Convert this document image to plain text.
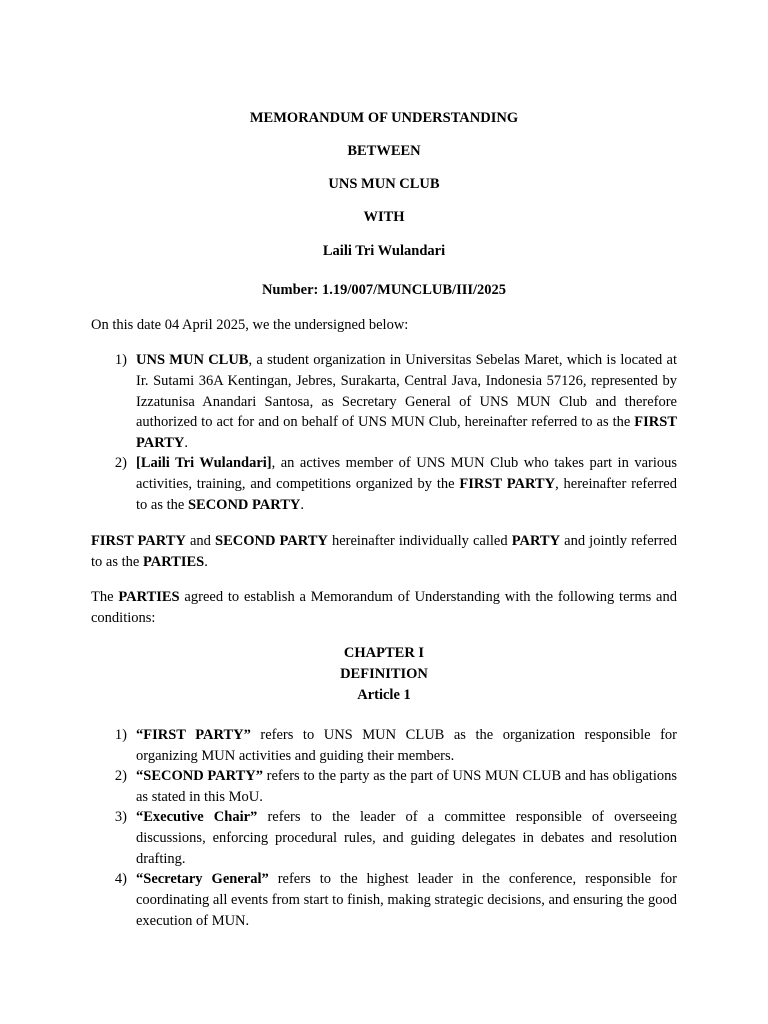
MEMORANDUM OF UNDERSTANDING
BETWEEN
UNS MUN CLUB
WITH
Laili Tri Wulandari
Number: 1.19/007/MUNCLUB/III/2025
On this date 04 April 2025, we the undersigned below:
1) UNS MUN CLUB, a student organization in Universitas Sebelas Maret, which is located at Ir. Sutami 36A Kentingan, Jebres, Surakarta, Central Java, Indonesia 57126, represented by Izzatunisa Anandari Santosa, as Secretary General of UNS MUN Club and therefore authorized to act for and on behalf of UNS MUN Club, hereinafter referred to as the FIRST PARTY.
2) [Laili Tri Wulandari], an actives member of UNS MUN Club who takes part in various activities, training, and competitions organized by the FIRST PARTY, hereinafter referred to as the SECOND PARTY.
FIRST PARTY and SECOND PARTY hereinafter individually called PARTY and jointly referred to as the PARTIES.
The PARTIES agreed to establish a Memorandum of Understanding with the following terms and conditions:
CHAPTER I
DEFINITION
Article 1
1) “FIRST PARTY” refers to UNS MUN CLUB as the organization responsible for organizing MUN activities and guiding their members.
2) “SECOND PARTY” refers to the party as the part of UNS MUN CLUB and has obligations as stated in this MoU.
3) “Executive Chair” refers to the leader of a committee responsible of overseeing discussions, enforcing procedural rules, and guiding delegates in debates and resolution drafting.
4) “Secretary General” refers to the highest leader in the conference, responsible for coordinating all events from start to finish, making strategic decisions, and ensuring the good execution of MUN.
